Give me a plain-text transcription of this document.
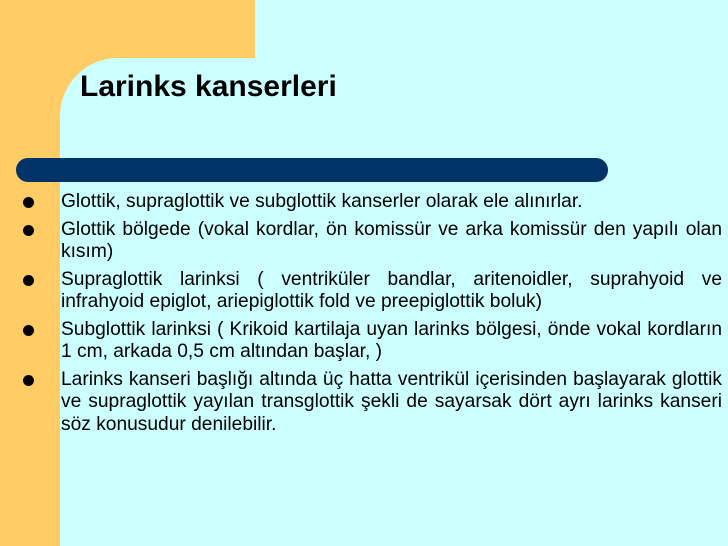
Larinks kanserleri
Glottik, supraglottik ve subglottik kanserler olarak ele alınırlar.
Glottik bölgede (vokal kordlar, ön komissür ve arka komissür den yapılı olan kısım)
Supraglottik larinksi ( ventriküler bandlar, aritenoidler, suprahyoid ve infrahyoid epiglot, ariepiglottik fold ve preepiglottik boluk)
Subglottik larinksi ( Krikoid kartilaja uyan larinks bölgesi, önde vokal kordların 1 cm, arkada 0,5 cm altından başlar, )
Larinks kanseri başlığı altında üç hatta ventrikül içerisinden başlayarak glottik ve supraglottik yayılan transglottik şekli de sayarsak dört ayrı larinks kanseri söz konusudur denilebilir.
